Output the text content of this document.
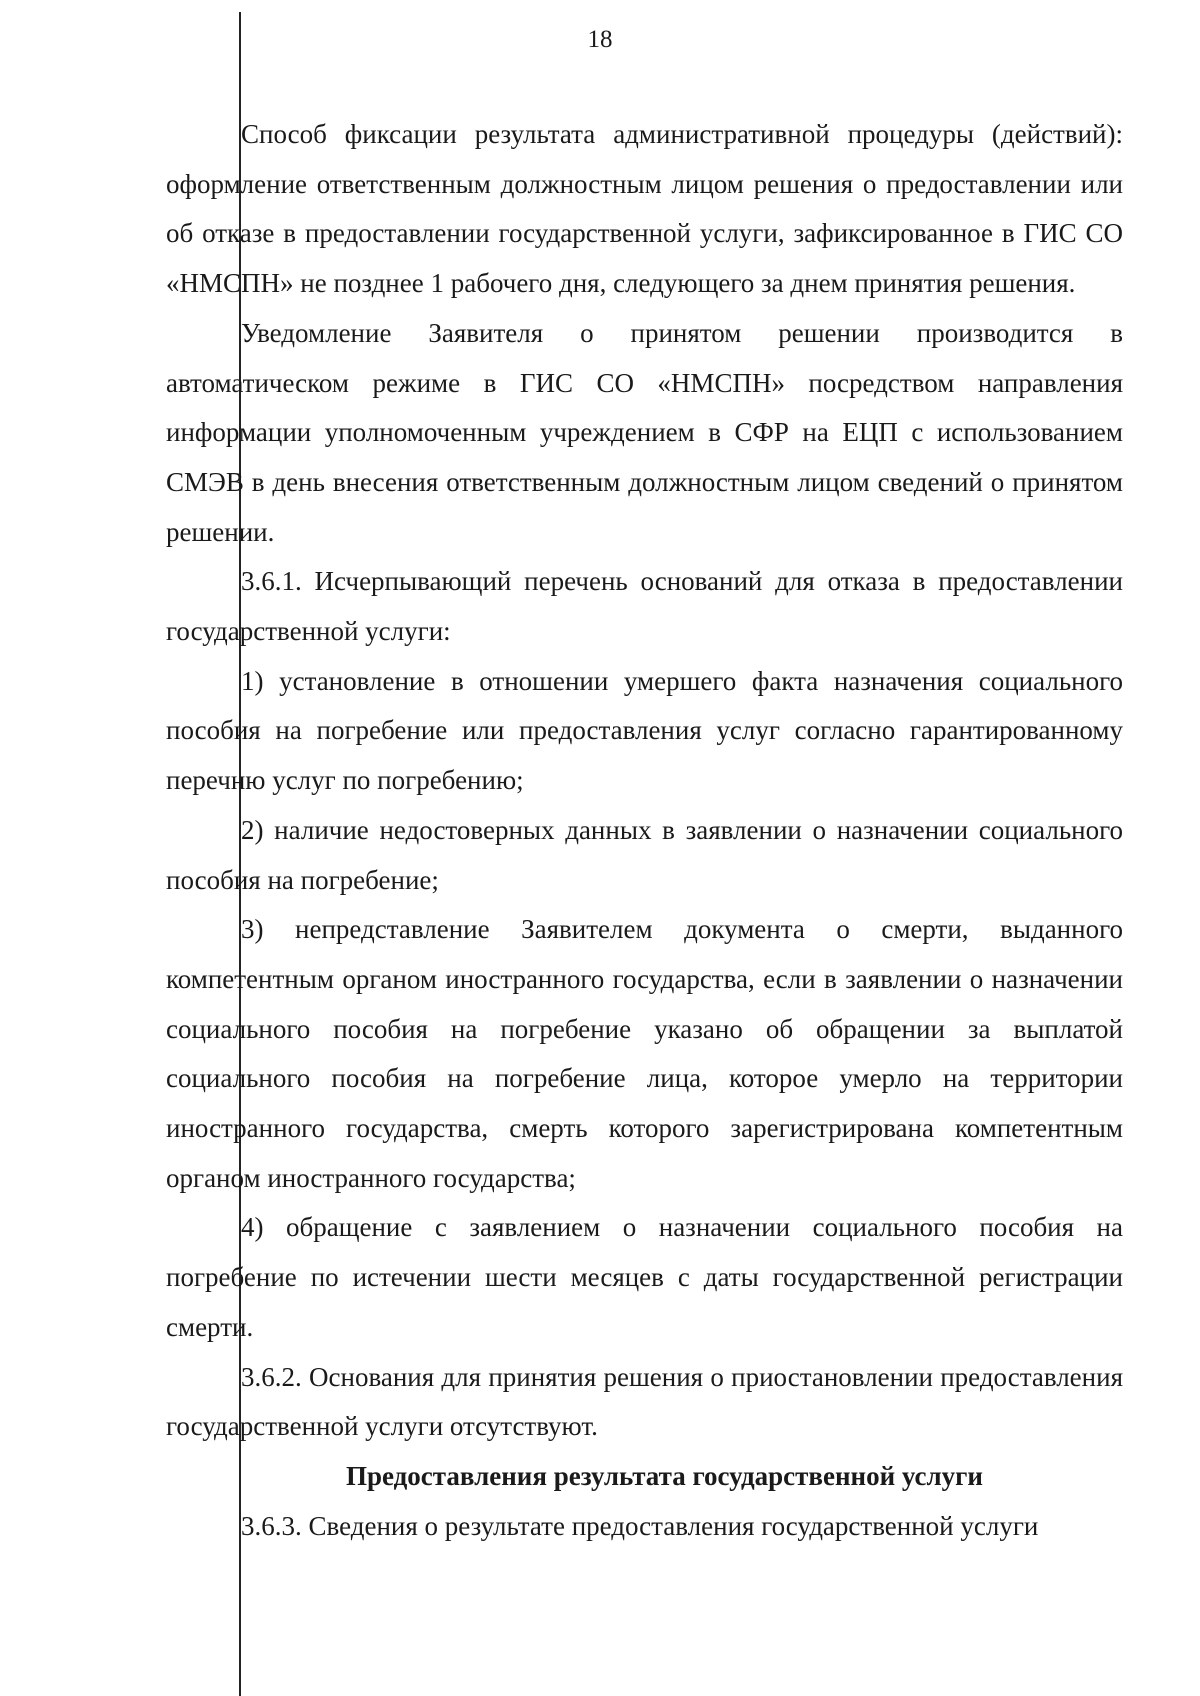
18

Способ фиксации результата административной процедуры (действий): оформление ответственным должностным лицом решения о предоставлении или об отказе в предоставлении государственной услуги, зафиксированное в ГИС СО «НМСПН» не позднее 1 рабочего дня, следующего за днем принятия решения.

Уведомление Заявителя о принятом решении производится в автоматическом режиме в ГИС СО «НМСПН» посредством направления информации уполномоченным учреждением в СФР на ЕЦП с использованием СМЭВ в день внесения ответственным должностным лицом сведений о принятом решении.

3.6.1. Исчерпывающий перечень оснований для отказа в предоставлении государственной услуги:

1) установление в отношении умершего факта назначения социального пособия на погребение или предоставления услуг согласно гарантированному перечню услуг по погребению;

2) наличие недостоверных данных в заявлении о назначении социального пособия на погребение;

3) непредставление Заявителем документа о смерти, выданного компетентным органом иностранного государства, если в заявлении о назначении социального пособия на погребение указано об обращении за выплатой социального пособия на погребение лица, которое умерло на территории иностранного государства, смерть которого зарегистрирована компетентным органом иностранного государства;

4) обращение с заявлением о назначении социального пособия на погребение по истечении шести месяцев с даты государственной регистрации смерти.

3.6.2. Основания для принятия решения о приостановлении предоставления государственной услуги отсутствуют.

Предоставления результата государственной услуги

3.6.3. Сведения о результате предоставления государственной услуги
